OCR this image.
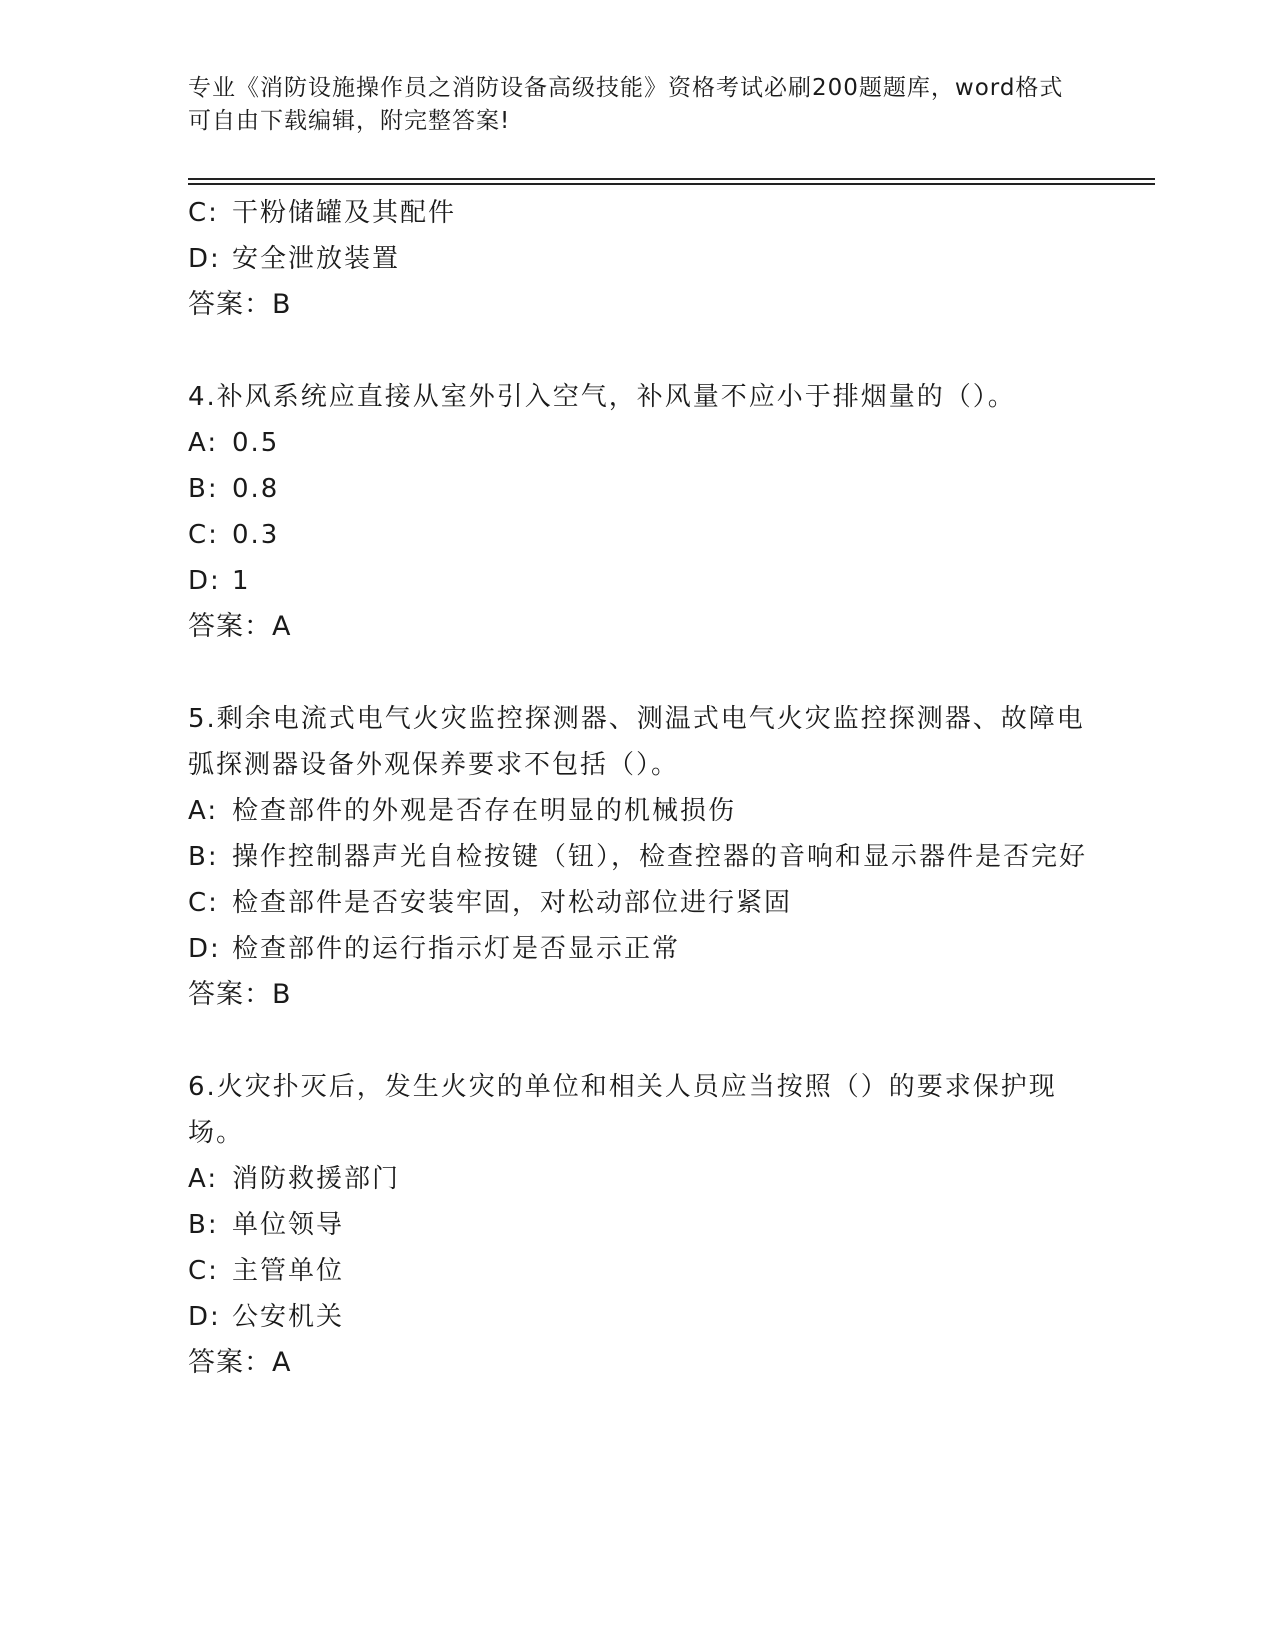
专业《消防设施操作员之消防设备高级技能》资格考试必刷200题题库，word格式可自由下载编辑，附完整答案!
C: 干粉储罐及其配件
D: 安全泄放装置
答案：B
4.补风系统应直接从室外引入空气，补风量不应小于排烟量的（）。
A: 0.5
B: 0.8
C: 0.3
D: 1
答案：A
5.剩余电流式电气火灾监控探测器、测温式电气火灾监控探测器、故障电弧探测器设备外观保养要求不包括（）。
A: 检查部件的外观是否存在明显的机械损伤
B: 操作控制器声光自检按键（钮），检查控器的音响和显示器件是否完好
C: 检查部件是否安装牢固，对松动部位进行紧固
D: 检查部件的运行指示灯是否显示正常
答案：B
6.火灾扑灭后，发生火灾的单位和相关人员应当按照（）的要求保护现场。
A: 消防救援部门
B: 单位领导
C: 主管单位
D: 公安机关
答案：A
